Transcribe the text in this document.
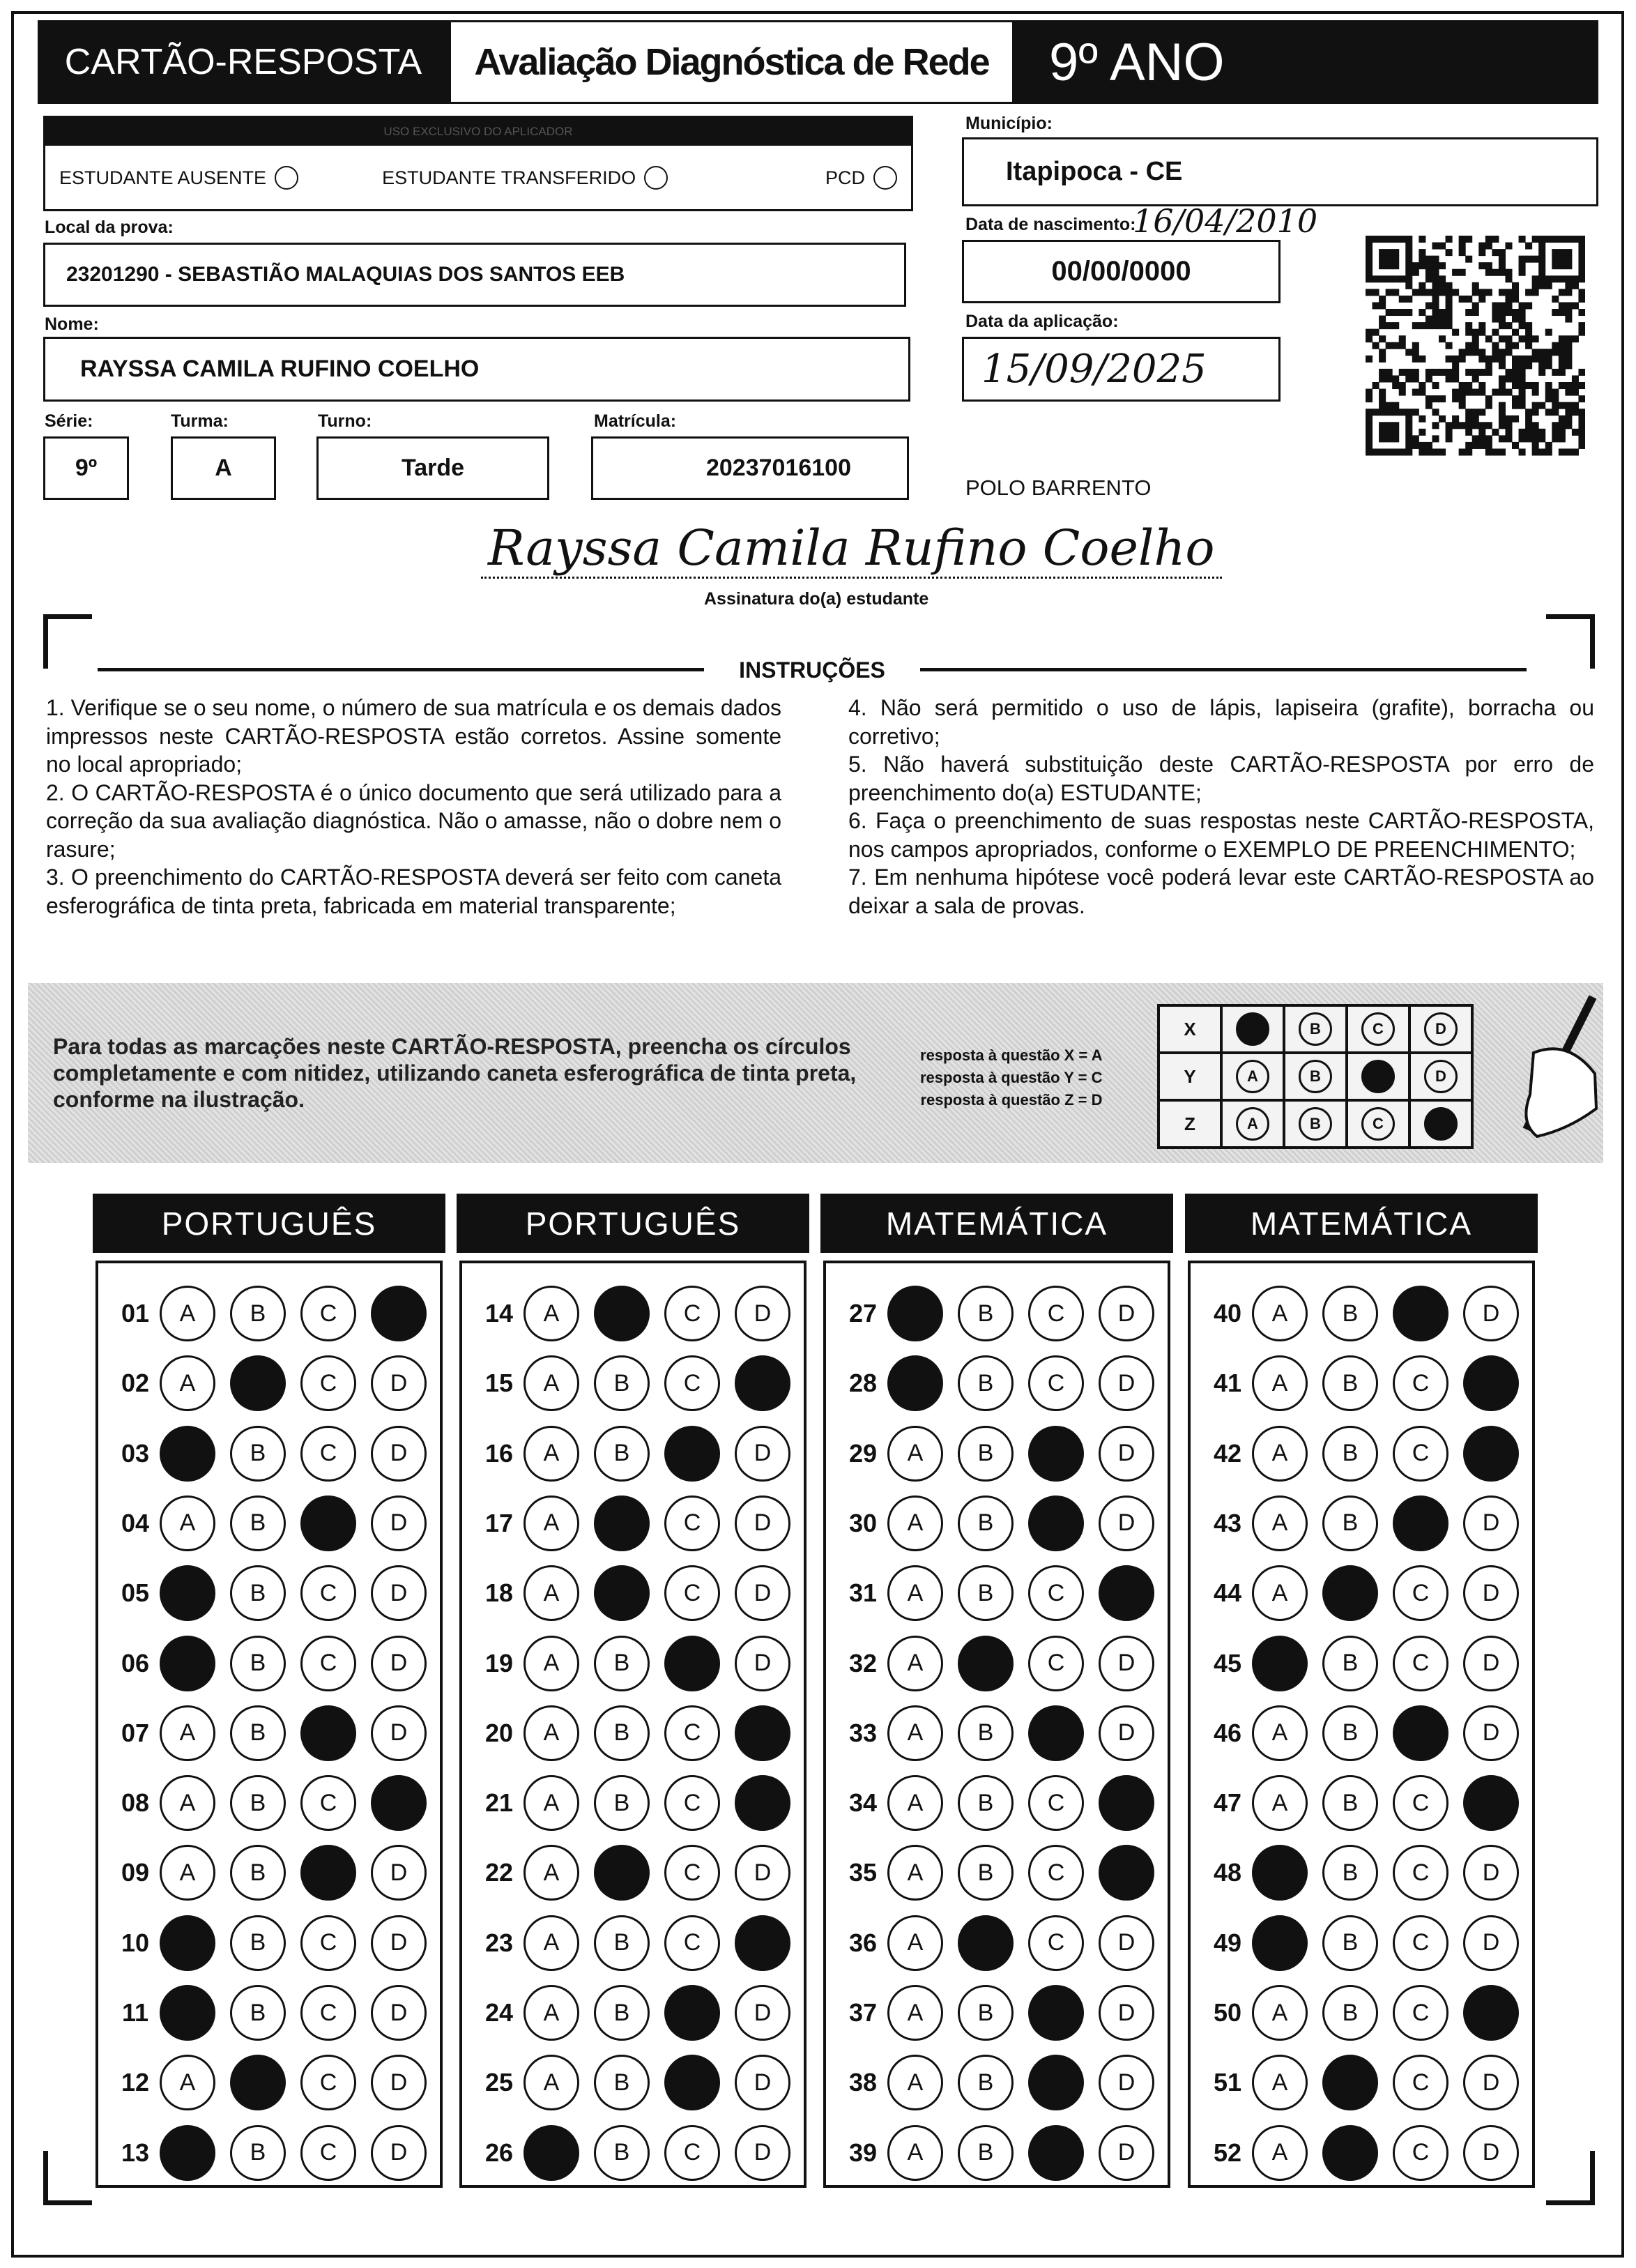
CARTÃO-RESPOSTA	Avaliação Diagnóstica de Rede	9º ANO
USO EXCLUSIVO DO APLICADOR
ESTUDANTE AUSENTE	ESTUDANTE TRANSFERIDO	PCD
Município:
Itapipoca - CE
Local da prova:
23201290 - SEBASTIÃO MALAQUIAS DOS SANTOS EEB
Data de nascimento:
16/04/2010
00/00/0000
Nome:
RAYSSA CAMILA RUFINO COELHO
Data da aplicação:
15/09/2025
Série:
9º
Turma:
A
Turno:
Tarde
Matrícula:
20237016100
POLO BARRENTO
Rayssa Camila Rufino Coelho
Assinatura do(a) estudante
INSTRUÇÕES

1. Verifique se o seu nome, o número de sua matrícula e os demais dados impressos neste CARTÃO-RESPOSTA estão corretos. Assine somente no local apropriado;

2. O CARTÃO-RESPOSTA é o único documento que será utilizado para a correção da sua avaliação diagnóstica. Não o amasse, não o dobre nem o rasure;

3. O preenchimento do CARTÃO-RESPOSTA deverá ser feito com caneta esferográfica de tinta preta, fabricada em material transparente;

4. Não será permitido o uso de lápis, lapiseira (grafite), borracha ou corretivo;

5. Não haverá substituição deste CARTÃO-RESPOSTA por erro de preenchimento do(a) ESTUDANTE;

6. Faça o preenchimento de suas respostas neste CARTÃO-RESPOSTA, nos campos apropriados, conforme o EXEMPLO DE PREENCHIMENTO;

7. Em nenhuma hipótese você poderá levar este CARTÃO-RESPOSTA ao deixar a sala de provas.

Para todas as marcações neste CARTÃO-RESPOSTA, preencha os círculos completamente e com nitidez, utilizando caneta esferográfica de tinta preta, conforme na ilustração.
resposta à questão X = A
resposta à questão Y = C
resposta à questão Z = D
X	A	B	C	D
Y	A	B	C	D
Z	A	B	C	D
PORTUGUÊS
01 A B C
02 A	C D
03	B C D
04 A B	D
05	B C D
06	B C D
07 A B	D
08 A B C
09 A B	D
10	B C D
11	B C D
12 A	C D
13	B C D
PORTUGUÊS
14 A	C D
15 A B C
16 A B	D
17 A	C D
18 A	C D
19 A B	D
20 A B C
21 A B C
22 A	C D
23 A B C
24 A B	D
25 A B	D
26	B C D
MATEMÁTICA
27	B C D
28	B C D
29 A B	D
30 A B	D
31 A B C
32 A	C D
33 A B	D
34 A B C
35 A B C
36 A	C D
37 A B	D
38 A B	D
39 A B	D
MATEMÁTICA
40 A B	D
41 A B C
42 A B C
43 A B	D
44 A	C D
45	B C D
46 A B	D
47 A B C
48	B C D
49	B C D
50 A B C
51 A	C D
52 A	C D
